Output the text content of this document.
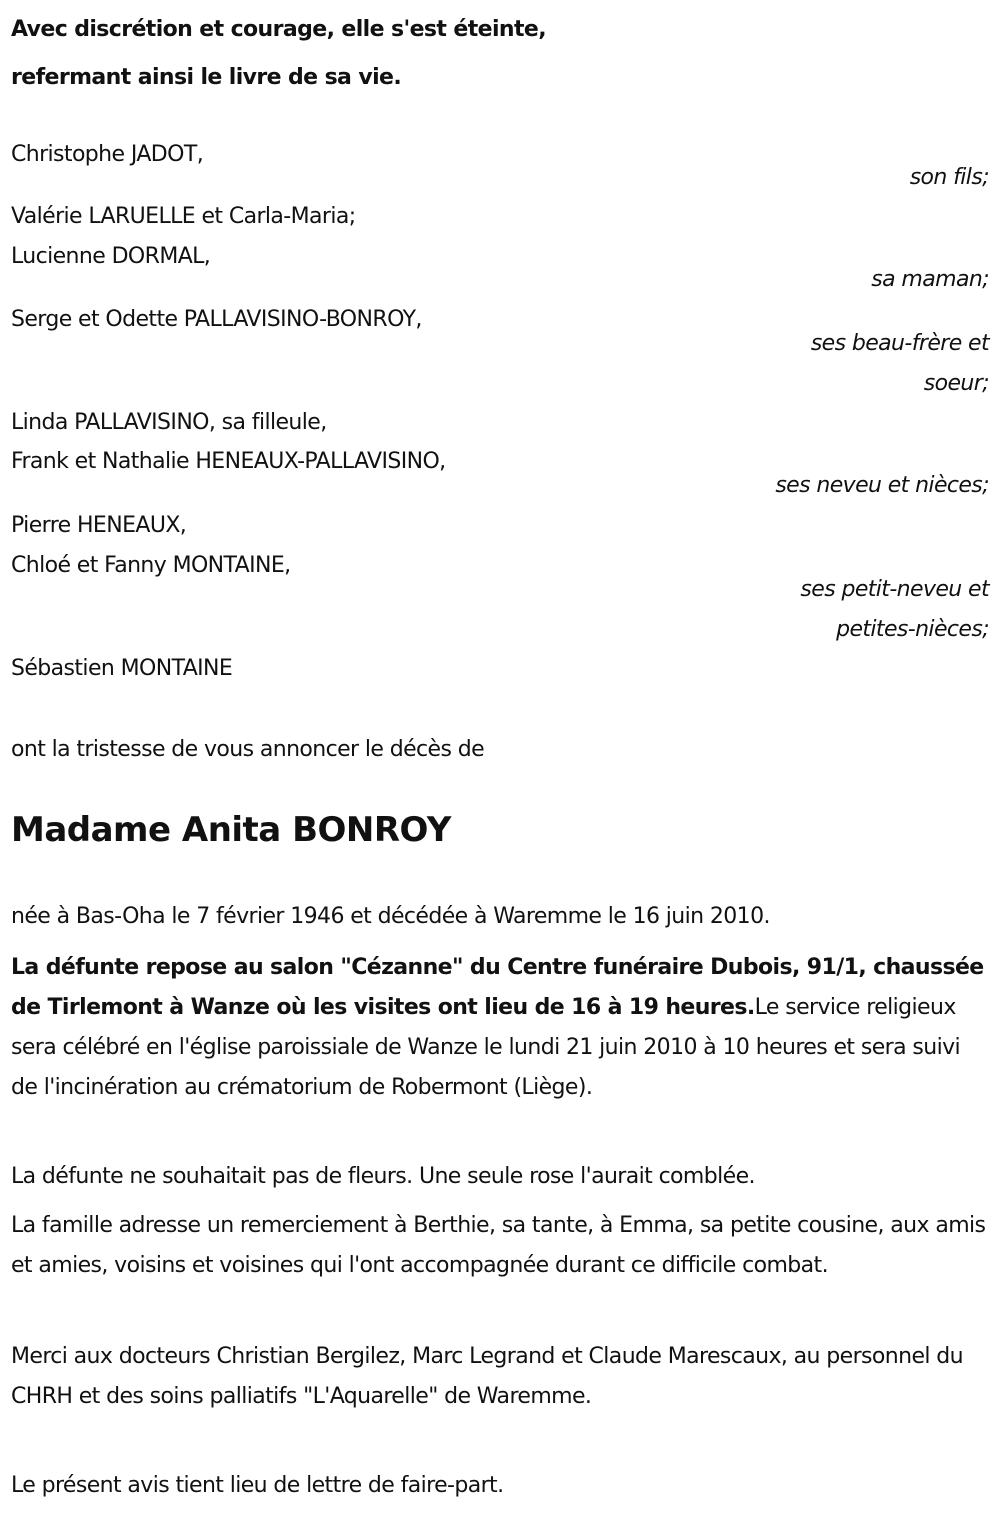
Avec discrétion et courage, elle s'est éteinte,
refermant ainsi le livre de sa vie.
Christophe JADOT,
son fils;
Valérie LARUELLE et Carla-Maria;
Lucienne DORMAL,
sa maman;
Serge et Odette PALLAVISINO-BONROY,
ses beau-frère et
soeur;
Linda PALLAVISINO, sa filleule,
Frank et Nathalie HENEAUX-PALLAVISINO,
ses neveu et nièces;
Pierre HENEAUX,
Chloé et Fanny MONTAINE,
ses petit-neveu et
petites-nièces;
Sébastien MONTAINE
ont la tristesse de vous annoncer le décès de
Madame Anita BONROY
née à Bas-Oha le 7 février 1946 et décédée à Waremme le 16 juin 2010.
La défunte repose au salon "Cézanne" du Centre funéraire Dubois, 91/1, chaussée de Tirlemont à Wanze où les visites ont lieu de 16 à 19 heures.Le service religieux sera célébré en l'église paroissiale de Wanze le lundi 21 juin 2010 à 10 heures et sera suivi de l'incinération au crématorium de Robermont (Liège).
La défunte ne souhaitait pas de fleurs. Une seule rose l'aurait comblée.
La famille adresse un remerciement à Berthie, sa tante, à Emma, sa petite cousine, aux amis et amies, voisins et voisines qui l'ont accompagnée durant ce difficile combat.
Merci aux docteurs Christian Bergilez, Marc Legrand et Claude Marescaux, au personnel du CHRH et des soins palliatifs "L'Aquarelle" de Waremme.
Le présent avis tient lieu de lettre de faire-part.
